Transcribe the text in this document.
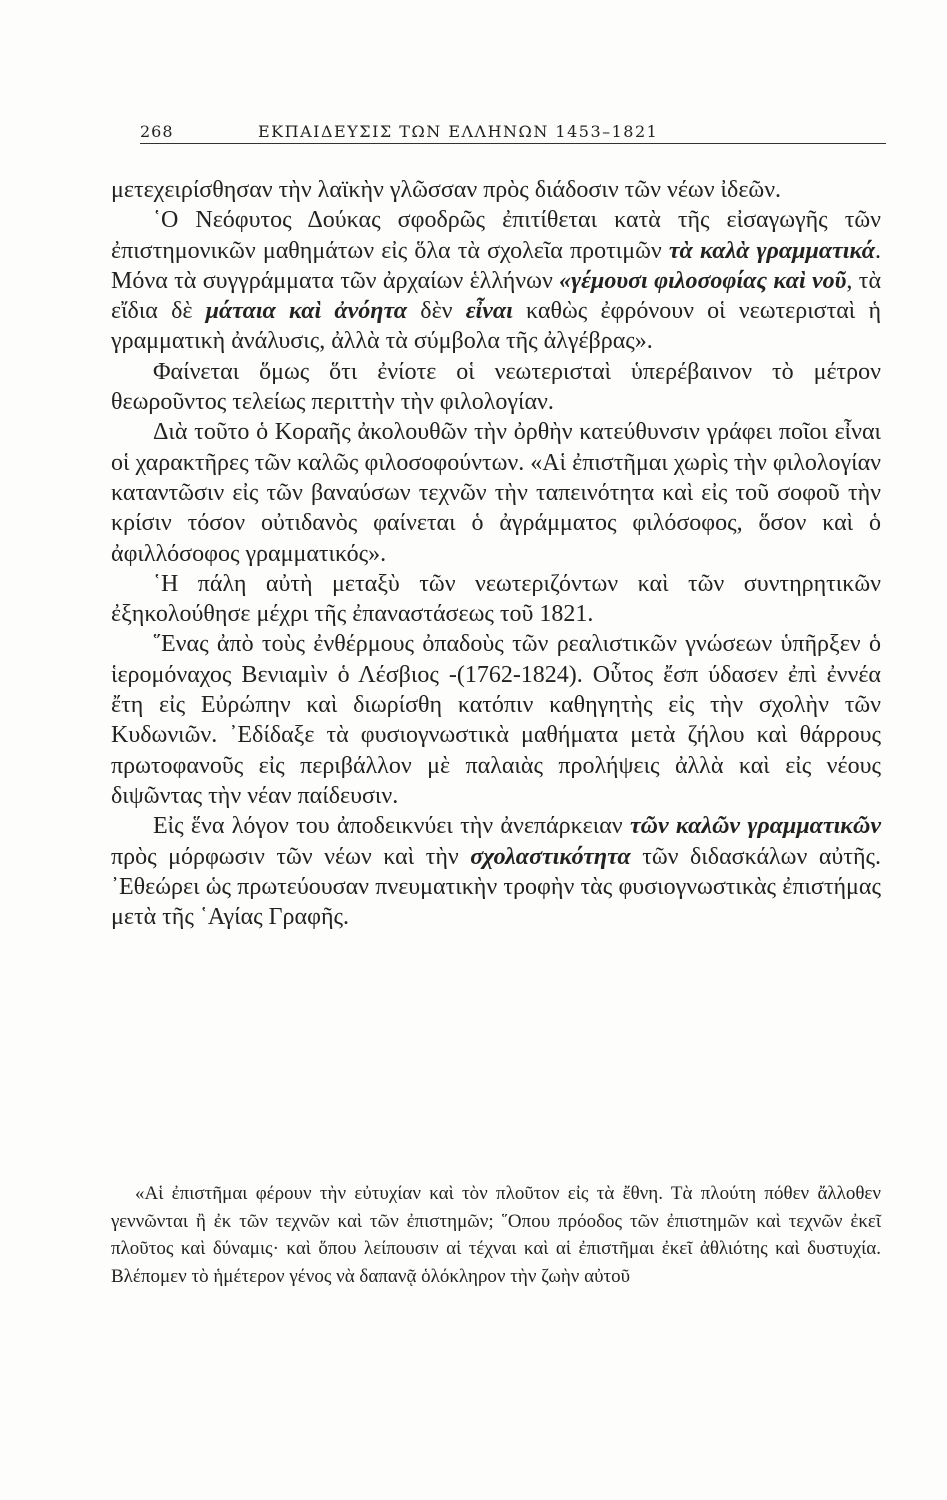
268	ΕΚΠΑΙΔΕΥΣΙΣ ΤΩΝ ΕΛΛΗΝΩΝ 1453–1821

μετεχειρίσθησαν τὴν λαϊκὴν γλῶσσαν πρὸς διάδοσιν τῶν νέων ἰδεῶν.

῾Ο Νεόφυτος Δούκας σφοδρῶς ἐπιτίθεται κατὰ τῆς εἰσαγωγῆς τῶν ἐπιστημονικῶν μαθημάτων εἰς ὅλα τὰ σχολεῖα προτιμῶν τὰ καλὰ γραμματικά. Μόνα τὰ συγγράμματα τῶν ἀρχαίων ἑλλήνων «γέμουσι φιλοσοφίας καὶ νοῦ, τὰ εἴδια δὲ μάταια καὶ ἀνόητα δὲν εἶναι καθὼς ἐφρόνουν οἱ νεωτερισταὶ ἡ γραμματικὴ ἀνάλυσις, ἀλλὰ τὰ σύμβολα τῆς ἀλγέβρας».

Φαίνεται ὅμως ὅτι ἐνίοτε οἱ νεωτερισταὶ ὑπερέβαινον τὸ μέτρον θεωροῦντος τελείως περιττὴν τὴν φιλολογίαν.

Διὰ τοῦτο ὁ Κοραῆς ἀκολουθῶν τὴν ὀρθὴν κατεύθυνσιν γράφει ποῖοι εἶναι οἱ χαρακτῆρες τῶν καλῶς φιλοσοφούντων. «Αἱ ἐπιστῆμαι χωρὶς τὴν φιλολογίαν καταντῶσιν εἰς τῶν βαναύσων τεχνῶν τὴν ταπεινότητα καὶ εἰς τοῦ σοφοῦ τὴν κρίσιν τόσον οὐτιδανὸς φαίνεται ὁ ἀγράμματος φιλόσοφος, ὅσον καὶ ὁ ἀφιλλόσοφος γραμματικός».

῾Η πάλη αὐτὴ μεταξὺ τῶν νεωτεριζόντων καὶ τῶν συντηρητικῶν ἐξηκολούθησε μέχρι τῆς ἐπαναστάσεως τοῦ 1821.

῞Ενας ἀπὸ τοὺς ἐνθέρμους ὀπαδοὺς τῶν ρεαλιστικῶν γνώσεων ὑπῆρξεν ὁ ἱερομόναχος Βενιαμὶν ὁ Λέσβιος -(1762-1824). Οὗτος ἔσπ ύδασεν ἐπὶ ἐννέα ἔτη εἰς Εὐρώπην καὶ διωρίσθη κατόπιν καθηγητὴς εἰς τὴν σχολὴν τῶν Κυδωνιῶν. ᾿Εδίδαξε τὰ φυσιογνωστικὰ μαθήματα μετὰ ζήλου καὶ θάρρους πρωτοφανοῦς εἰς περιβάλλον μὲ παλαιὰς προλήψεις ἀλλὰ καὶ εἰς νέους διψῶντας τὴν νέαν παίδευσιν.

Εἰς ἕνα λόγον του ἀποδεικνύει τὴν ἀνεπάρκειαν τῶν καλῶν γραμματικῶν πρὸς μόρφωσιν τῶν νέων καὶ τὴν σχολαστικότητα τῶν διδασκάλων αὐτῆς. ᾿Εθεώρει ὡς πρωτεύουσαν πνευματικὴν τροφὴν τὰς φυσιογνωστικὰς ἐπιστήμας μετὰ τῆς ῾Αγίας Γραφῆς.

«Αἱ ἐπιστῆμαι φέρουν τὴν εὐτυχίαν καὶ τὸν πλοῦτον εἰς τὰ ἔθνη. Τὰ πλούτη πόθεν ἄλλοθεν γεννῶνται ἢ ἐκ τῶν τεχνῶν καὶ τῶν ἐπιστημῶν; ῞Οπου πρόοδος τῶν ἐπιστημῶν καὶ τεχνῶν ἐκεῖ πλοῦτος καὶ δύναμις· καὶ ὅπου λείπουσιν αἱ τέχναι καὶ αἱ ἐπιστῆμαι ἐκεῖ ἀθλιότης καὶ δυστυχία. Βλέπομεν τὸ ἡμέτερον γένος νὰ δαπανᾷ ὁλόκληρον τὴν ζωὴν αὐτοῦ
